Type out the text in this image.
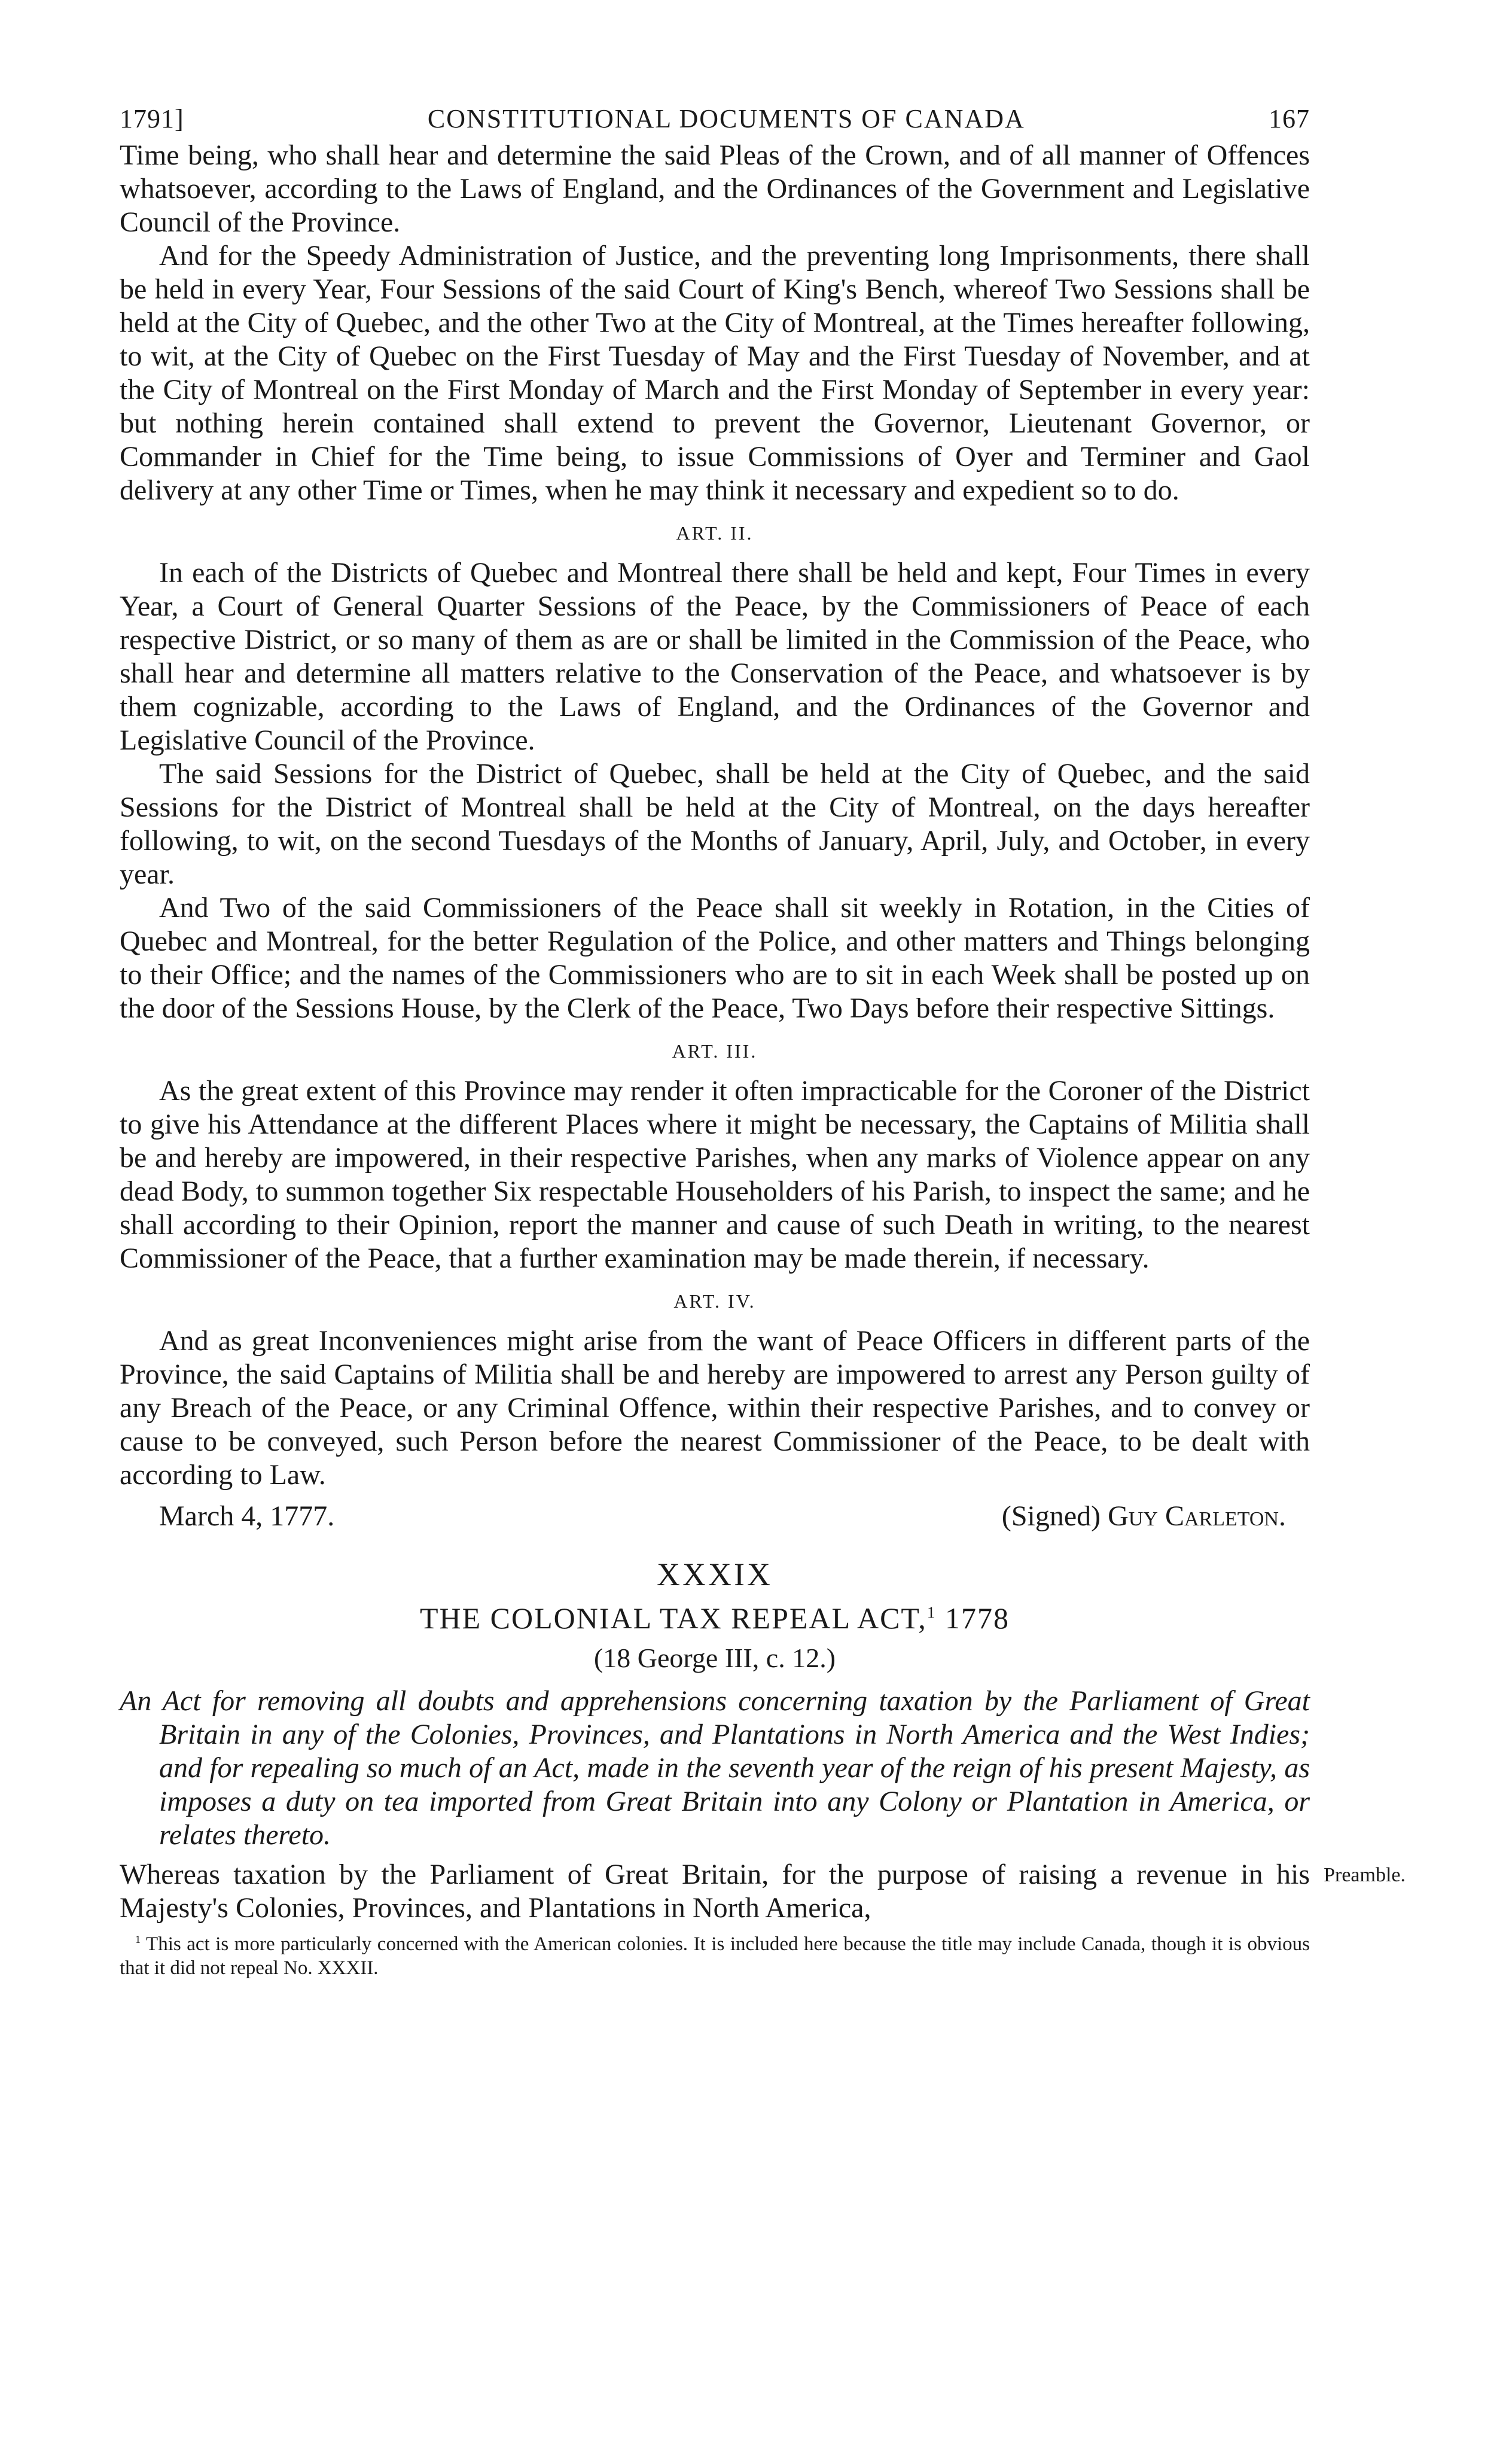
1791]	CONSTITUTIONAL DOCUMENTS OF CANADA	167

Time being, who shall hear and determine the said Pleas of the Crown, and of all manner of Offences whatsoever, according to the Laws of England, and the Ordinances of the Government and Legislative Council of the Province.

And for the Speedy Administration of Justice, and the preventing long Imprisonments, there shall be held in every Year, Four Sessions of the said Court of King's Bench, whereof Two Sessions shall be held at the City of Quebec, and the other Two at the City of Montreal, at the Times hereafter following, to wit, at the City of Quebec on the First Tuesday of May and the First Tuesday of November, and at the City of Montreal on the First Monday of March and the First Monday of September in every year: but nothing herein contained shall extend to prevent the Governor, Lieutenant Governor, or Commander in Chief for the Time being, to issue Commissions of Oyer and Terminer and Gaol delivery at any other Time or Times, when he may think it necessary and expedient so to do.

ART. II.

In each of the Districts of Quebec and Montreal there shall be held and kept, Four Times in every Year, a Court of General Quarter Sessions of the Peace, by the Commissioners of Peace of each respective District, or so many of them as are or shall be limited in the Commission of the Peace, who shall hear and determine all matters relative to the Conservation of the Peace, and whatsoever is by them cognizable, according to the Laws of England, and the Ordinances of the Governor and Legislative Council of the Province.

The said Sessions for the District of Quebec, shall be held at the City of Quebec, and the said Sessions for the District of Montreal shall be held at the City of Montreal, on the days hereafter following, to wit, on the second Tuesdays of the Months of January, April, July, and October, in every year.

And Two of the said Commissioners of the Peace shall sit weekly in Rotation, in the Cities of Quebec and Montreal, for the better Regulation of the Police, and other matters and Things belonging to their Office; and the names of the Commissioners who are to sit in each Week shall be posted up on the door of the Sessions House, by the Clerk of the Peace, Two Days before their respective Sittings.

ART. III.

As the great extent of this Province may render it often impracticable for the Coroner of the District to give his Attendance at the different Places where it might be necessary, the Captains of Militia shall be and hereby are impowered, in their respective Parishes, when any marks of Violence appear on any dead Body, to summon together Six respectable Householders of his Parish, to inspect the same; and he shall according to their Opinion, report the manner and cause of such Death in writing, to the nearest Commissioner of the Peace, that a further examination may be made therein, if necessary.

ART. IV.

And as great Inconveniences might arise from the want of Peace Officers in different parts of the Province, the said Captains of Militia shall be and hereby are impowered to arrest any Person guilty of any Breach of the Peace, or any Criminal Offence, within their respective Parishes, and to convey or cause to be conveyed, such Person before the nearest Commissioner of the Peace, to be dealt with according to Law.

March 4, 1777.	(Signed) Guy Carleton.
XXXIX
THE COLONIAL TAX REPEAL ACT,$^1$ 1778
(18 George III, c. 12.)
An Act for removing all doubts and apprehensions concerning taxation by the Parliament of Great Britain in any of the Colonies, Provinces, and Plantations in North America and the West Indies; and for repealing so much of an Act, made in the seventh year of the reign of his present Majesty, as imposes a duty on tea imported from Great Britain into any Colony or Plantation in America, or relates thereto.

Whereas taxation by the Parliament of Great Britain, for the purpose of raising a revenue in his Majesty's Colonies, Provinces, and Plantations in North America,

Preamble.
$^1$ This act is more particularly concerned with the American colonies. It is included here because the title may include Canada, though it is obvious that it did not repeal No. XXXII.
